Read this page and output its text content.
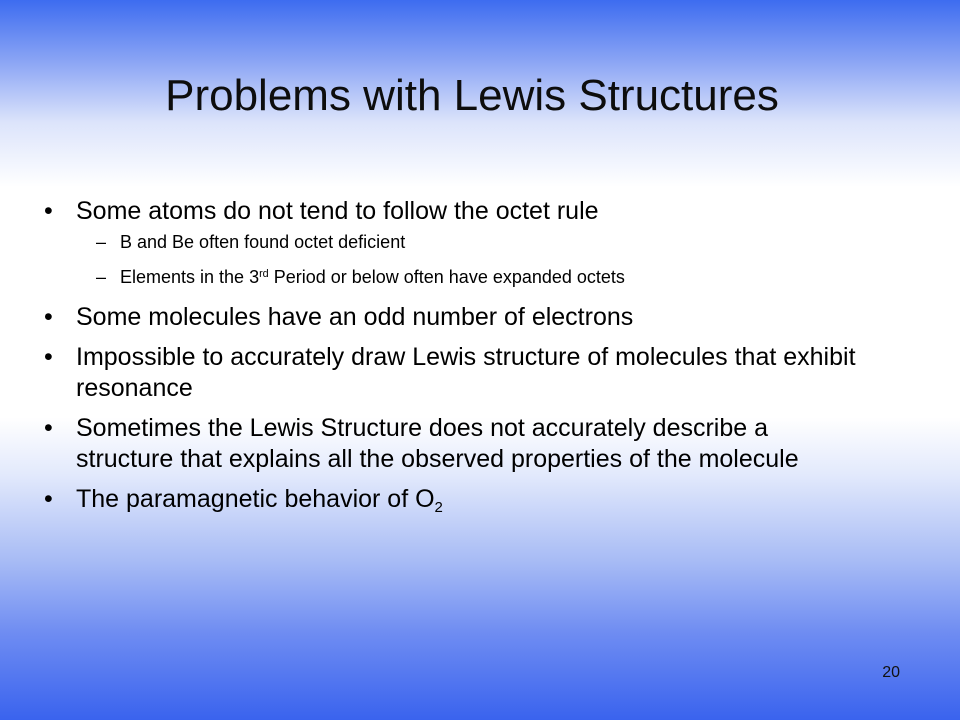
Problems with Lewis Structures
• Some atoms do not tend to follow the octet rule
– B and Be often found octet deficient
– Elements in the 3rd Period or below often have expanded octets
• Some molecules have an odd number of electrons
• Impossible to accurately draw Lewis structure of molecules that exhibit resonance
• Sometimes the Lewis Structure does not accurately describe a structure that explains all the observed properties of the molecule
• The paramagnetic behavior of $O_2$
20
